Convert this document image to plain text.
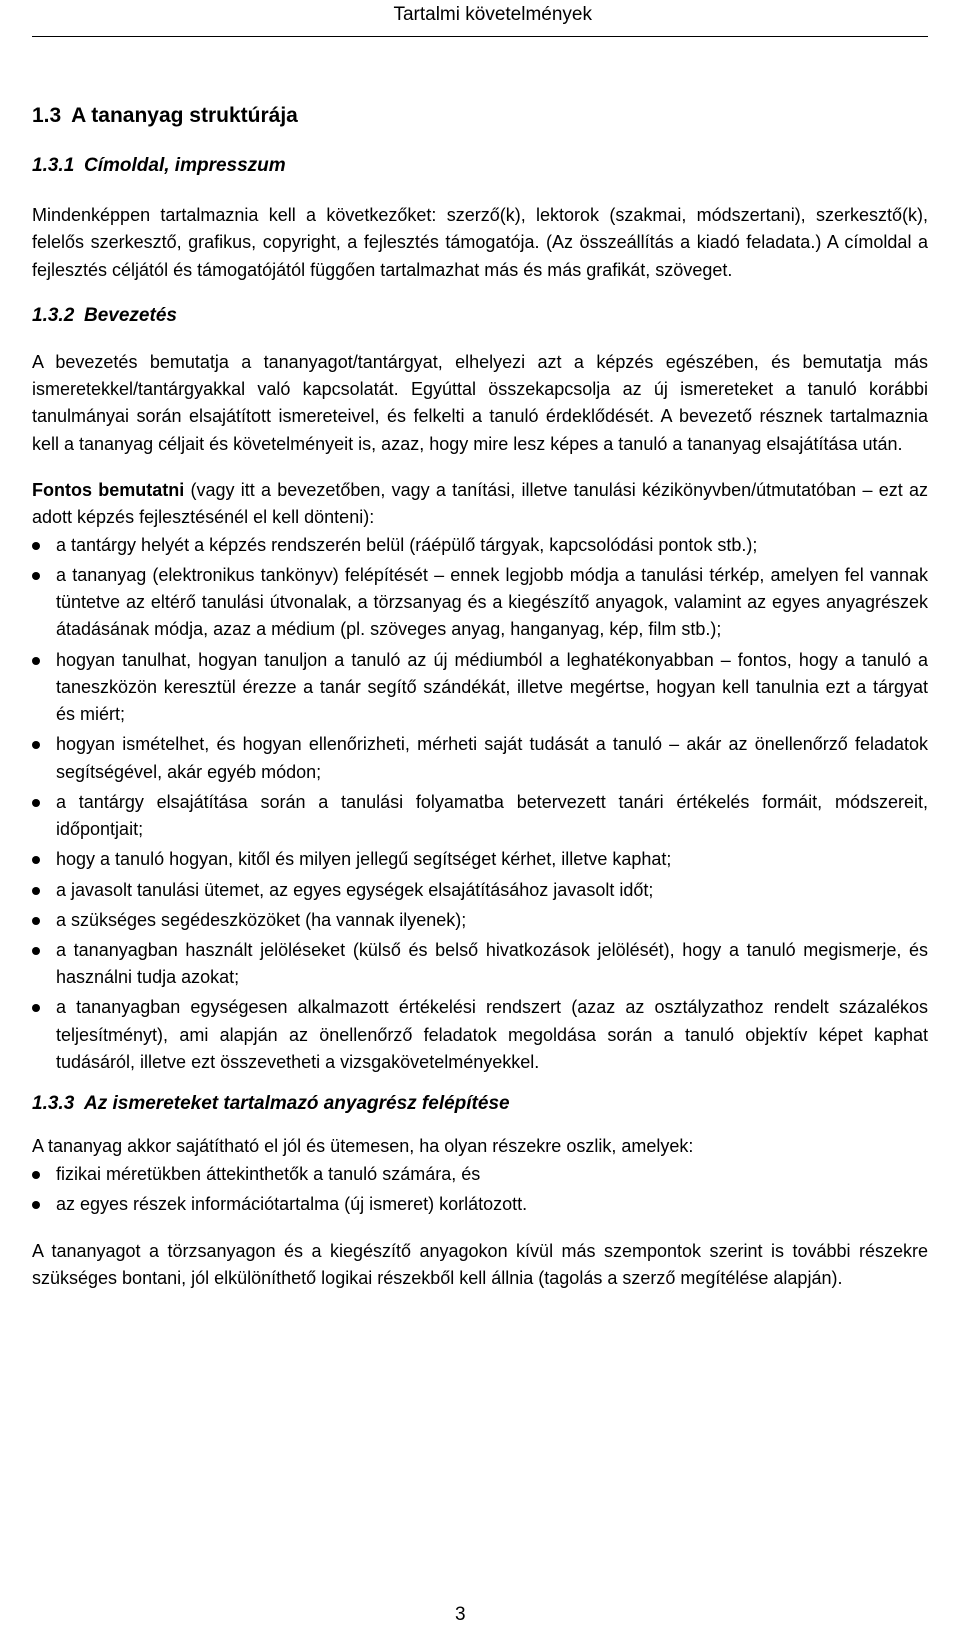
Tartalmi követelmények
1.3 A tananyag struktúrája
1.3.1 Címoldal, impresszum

Mindenképpen tartalmaznia kell a következőket: szerző(k), lektorok (szakmai, módszertani), szerkesztő(k), felelős szerkesztő, grafikus, copyright, a fejlesztés támogatója. (Az összeállítás a kiadó feladata.) A címoldal a fejlesztés céljától és támogatójától függően tartalmazhat más és más grafikát, szöveget.

1.3.2 Bevezetés

A bevezetés bemutatja a tananyagot/tantárgyat, elhelyezi azt a képzés egészében, és bemutatja más ismeretekkel/tantárgyakkal való kapcsolatát. Egyúttal összekapcsolja az új ismereteket a tanuló korábbi tanulmányai során elsajátított ismereteivel, és felkelti a tanuló érdeklődését. A bevezető résznek tartalmaznia kell a tananyag céljait és követelményeit is, azaz, hogy mire lesz képes a tanuló a tananyag elsajátítása után.

Fontos bemutatni (vagy itt a bevezetőben, vagy a tanítási, illetve tanulási kézikönyvben/útmutatóban – ezt az adott képzés fejlesztésénél el kell dönteni):

a tantárgy helyét a képzés rendszerén belül (ráépülő tárgyak, kapcsolódási pontok stb.);
a tananyag (elektronikus tankönyv) felépítését – ennek legjobb módja a tanulási térkép, amelyen fel vannak tüntetve az eltérő tanulási útvonalak, a törzsanyag és a kiegészítő anyagok, valamint az egyes anyagrészek átadásának módja, azaz a médium (pl. szöveges anyag, hanganyag, kép, film stb.);
hogyan tanulhat, hogyan tanuljon a tanuló az új médiumból a leghatékonyabban – fontos, hogy a tanuló a taneszközön keresztül érezze a tanár segítő szándékát, illetve megértse, hogyan kell tanulnia ezt a tárgyat és miért;
hogyan ismételhet, és hogyan ellenőrizheti, mérheti saját tudását a tanuló – akár az önellenőrző feladatok segítségével, akár egyéb módon;
a tantárgy elsajátítása során a tanulási folyamatba betervezett tanári értékelés formáit, módszereit, időpontjait;
hogy a tanuló hogyan, kitől és milyen jellegű segítséget kérhet, illetve kaphat;
a javasolt tanulási ütemet, az egyes egységek elsajátításához javasolt időt;
a szükséges segédeszközöket (ha vannak ilyenek);
a tananyagban használt jelöléseket (külső és belső hivatkozások jelölését), hogy a tanuló megismerje, és használni tudja azokat;
a tananyagban egységesen alkalmazott értékelési rendszert (azaz az osztályzathoz rendelt százalékos teljesítményt), ami alapján az önellenőrző feladatok megoldása során a tanuló objektív képet kaphat tudásáról, illetve ezt összevetheti a vizsgakövetelményekkel.
1.3.3 Az ismereteket tartalmazó anyagrész felépítése

A tananyag akkor sajátítható el jól és ütemesen, ha olyan részekre oszlik, amelyek:

fizikai méretükben áttekinthetők a tanuló számára, és
az egyes részek információtartalma (új ismeret) korlátozott.

A tananyagot a törzsanyagon és a kiegészítő anyagokon kívül más szempontok szerint is további részekre szükséges bontani, jól elkülöníthető logikai részekből kell állnia (tagolás a szerző megítélése alapján).

3
